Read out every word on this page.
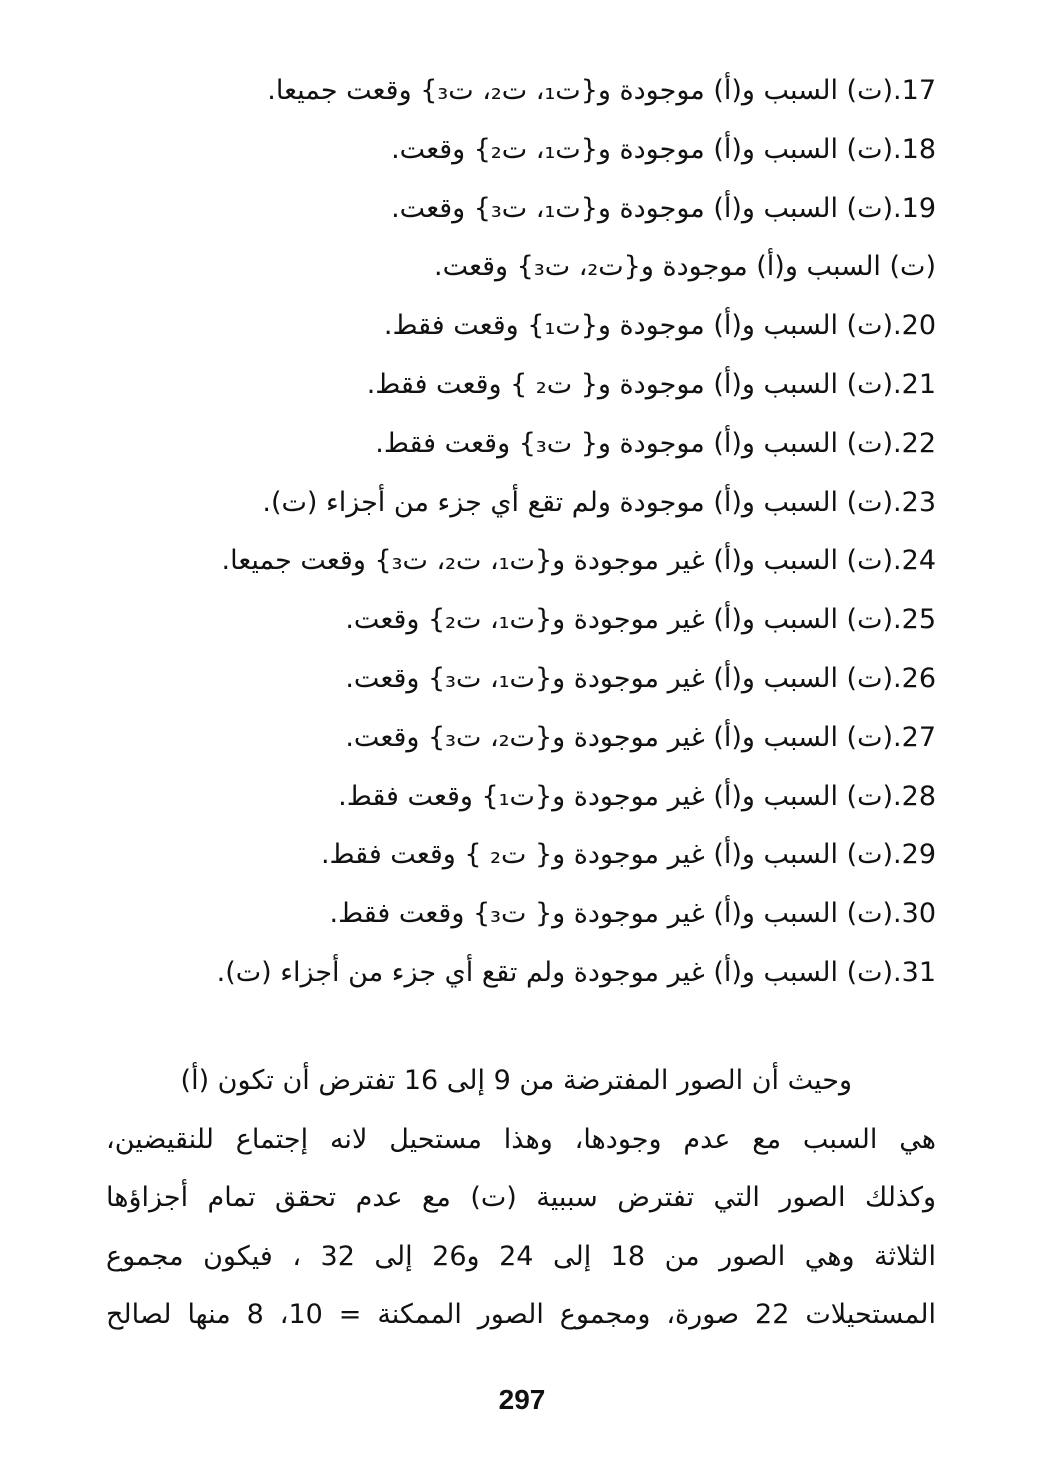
17.(ت) السبب و(أ) موجودة و{ت₁، ت₂، ت₃} وقعت جميعا.
18.(ت) السبب و(أ) موجودة و{ت₁، ت₂} وقعت.
19.(ت) السبب و(أ) موجودة و{ت₁، ت₃} وقعت.
(ت) السبب و(أ) موجودة و{ت₂، ت₃} وقعت.
20.(ت) السبب و(أ) موجودة و{ت₁} وقعت فقط.
21.(ت) السبب و(أ) موجودة و{ ت₂ } وقعت فقط.
22.(ت) السبب و(أ) موجودة و{ ت₃} وقعت فقط.
23.(ت) السبب و(أ) موجودة ولم تقع أي جزء من أجزاء (ت).
24.(ت) السبب و(أ) غير موجودة و{ت₁، ت₂، ت₃} وقعت جميعا.
25.(ت) السبب و(أ) غير موجودة و{ت₁، ت₂} وقعت.
26.(ت) السبب و(أ) غير موجودة و{ت₁، ت₃} وقعت.
27.(ت) السبب و(أ) غير موجودة و{ت₂، ت₃} وقعت.
28.(ت) السبب و(أ) غير موجودة و{ت₁} وقعت فقط.
29.(ت) السبب و(أ) غير موجودة و{ ت₂ } وقعت فقط.
30.(ت) السبب و(أ) غير موجودة و{ ت₃} وقعت فقط.
31.(ت) السبب و(أ) غير موجودة ولم تقع أي جزء من أجزاء (ت).
وحيث أن الصور المفترضة من 9 إلى 16 تفترض أن تكون (أ)
هي السبب مع عدم وجودها، وهذا مستحيل لانه إجتماع للنقيضين،
وكذلك الصور التي تفترض سببية (ت) مع عدم تحقق تمام أجزاؤها
الثلاثة وهي الصور من 18 إلى 24 و26 إلى 32 ، فيكون مجموع
المستحيلات 22 صورة، ومجموع الصور الممكنة = 10، 8 منها لصالح
297
